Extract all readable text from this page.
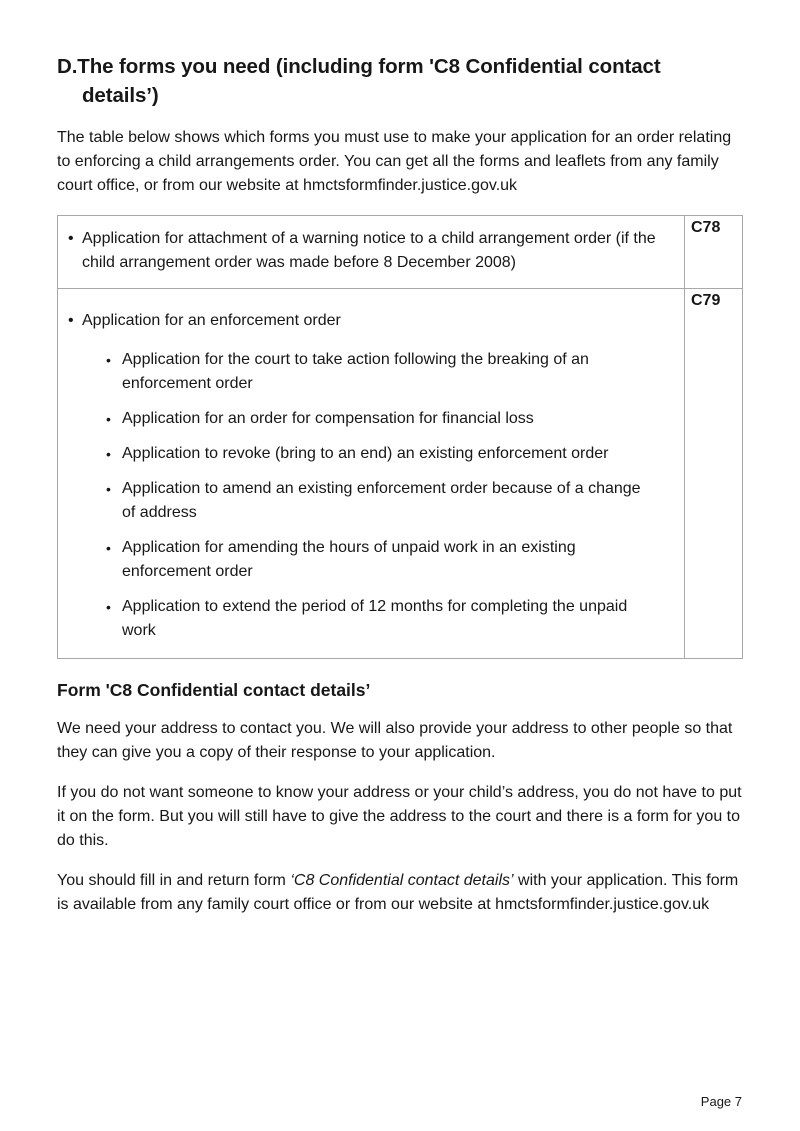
D.The forms you need (including form 'C8 Confidential contact
details’)

The table below shows which forms you must use to make your application for an order relating to enforcing a child arrangements order. You can get all the forms and leaflets from any family court office, or from our website at hmctsformfinder.justice.gov.uk

• Application for attachment of a warning notice to a child arrangement order (if the child arrangement order was made before 8 December 2008)	C78

• Application for an enforcement order
• Application for the court to take action following the breaking of an enforcement order
• Application for an order for compensation for financial loss
• Application to revoke (bring to an end) an existing enforcement order
• Application to amend an existing enforcement order because of a change of address
• Application for amending the hours of unpaid work in an existing enforcement order
• Application to extend the period of 12 months for completing the unpaid work
	C79
Form 'C8 Confidential contact details’

We need your address to contact you. We will also provide your address to other people so that they can give you a copy of their response to your application.

If you do not want someone to know your address or your child’s address, you do not have to put it on the form. But you will still have to give the address to the court and there is a form for you to do this.

You should fill in and return form ‘C8 Confidential contact details’ with your application. This form is available from any family court office or from our website at hmctsformfinder.justice.gov.uk

Page 7
